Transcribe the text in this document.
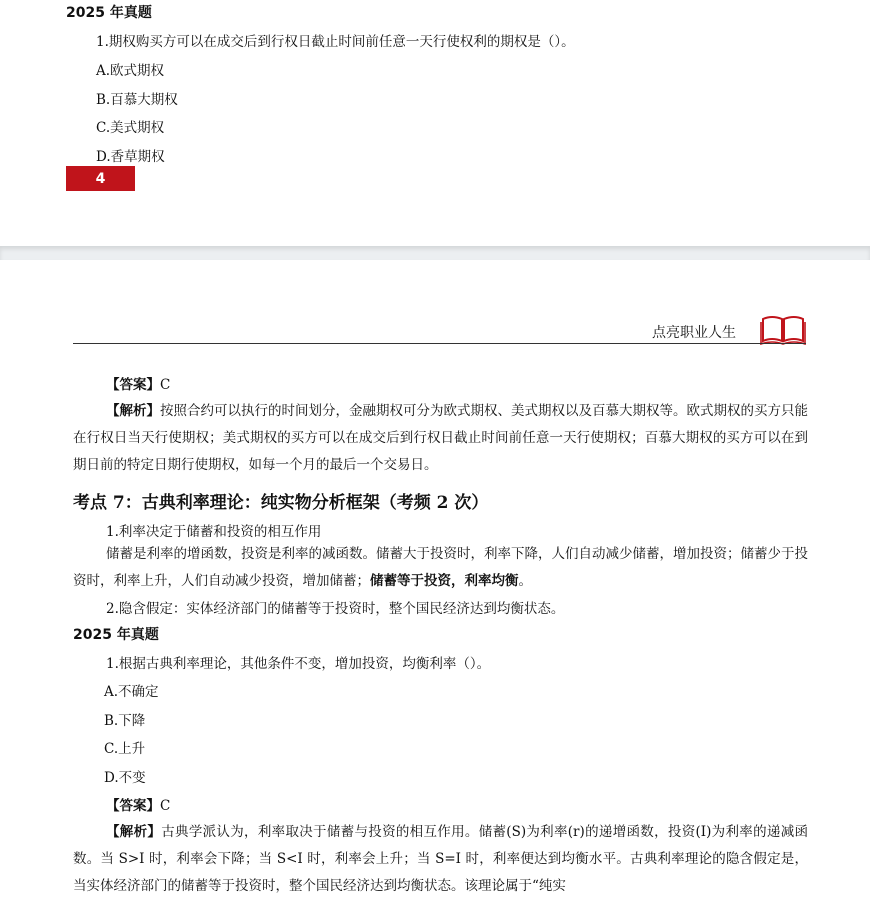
2025 年真题
1.期权购买方可以在成交后到行权日截止时间前任意一天行使权利的期权是（）。
A.欧式期权
B.百慕大期权
C.美式期权
D.香草期权
4
点亮职业人生
【答案】C
【解析】按照合约可以执行的时间划分，金融期权可分为欧式期权、美式期权以及百慕大期权等。欧式期权的买方只能在行权日当天行使期权；美式期权的买方可以在成交后到行权日截止时间前任意一天行使期权；百慕大期权的买方可以在到期日前的特定日期行使期权，如每一个月的最后一个交易日。
考点 7：古典利率理论：纯实物分析框架（考频 2 次）
1.利率决定于储蓄和投资的相互作用
储蓄是利率的增函数，投资是利率的减函数。储蓄大于投资时，利率下降，人们自动减少储蓄，增加投资；储蓄少于投资时，利率上升，人们自动减少投资，增加储蓄；储蓄等于投资，利率均衡。
2.隐含假定：实体经济部门的储蓄等于投资时，整个国民经济达到均衡状态。
2025 年真题
1.根据古典利率理论，其他条件不变，增加投资，均衡利率（）。
A.不确定
B.下降
C.上升
D.不变
【答案】C
【解析】古典学派认为，利率取决于储蓄与投资的相互作用。储蓄(S)为利率(r)的递增函数，投资(I)为利率的递减函数。当 S>I 时，利率会下降；当 S<I 时，利率会上升；当 S=I 时，利率便达到均衡水平。古典利率理论的隐含假定是，当实体经济部门的储蓄等于投资时，整个国民经济达到均衡状态。该理论属于“纯实
